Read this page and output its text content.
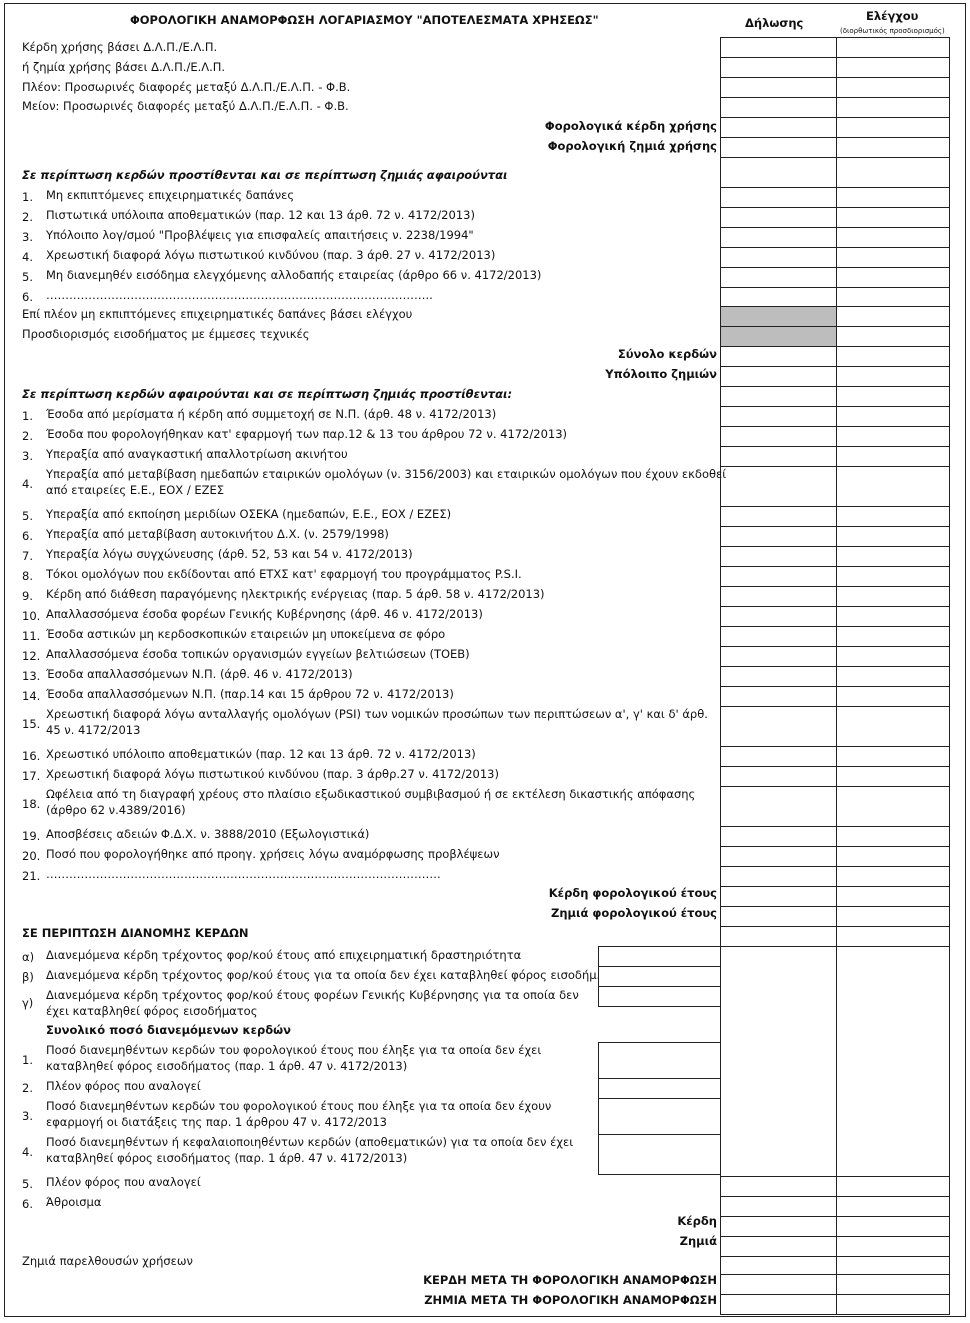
ΦΟΡΟΛΟΓΙΚΗ ΑΝΑΜΟΡΦΩΣΗ ΛΟΓΑΡΙΑΣΜΟΥ "ΑΠΟΤΕΛΕΣΜΑΤΑ ΧΡΗΣΕΩΣ"	Δήλωσης	Ελέγχου
(διορθωτικός προσδιορισμός)
Κέρδη χρήσης βάσει Δ.Λ.Π./Ε.Λ.Π.
ή ζημία χρήσης βάσει Δ.Λ.Π./Ε.Λ.Π.
Πλέον: Προσωρινές διαφορές μεταξύ Δ.Λ.Π./Ε.Λ.Π. - Φ.Β.
Μείον: Προσωρινές διαφορές μεταξύ Δ.Λ.Π./Ε.Λ.Π. - Φ.Β.
Φορολογικά κέρδη χρήσης
Φορολογική ζημιά χρήσης
Σε περίπτωση κερδών προστίθενται και σε περίπτωση ζημιάς αφαιρούνται
1. Μη εκπιπτόμενες επιχειρηματικές δαπάνες
2. Πιστωτικά υπόλοιπα αποθεματικών (παρ. 12 και 13 άρθ. 72 ν. 4172/2013)
3. Υπόλοιπο λογ/σμού "Προβλέψεις για επισφαλείς απαιτήσεις ν. 2238/1994"
4. Χρεωστική διαφορά λόγω πιστωτικού κινδύνου (παρ. 3 άρθ. 27 ν. 4172/2013)
5. Μη διανεμηθέν εισόδημα ελεγχόμενης αλλοδαπής εταιρείας (άρθρο 66 ν. 4172/2013)
6. ………………………………………………………………………………………..
Επί πλέον μη εκπιπτόμενες επιχειρηματικές δαπάνες βάσει ελέγχου
Προσδιορισμός εισοδήματος με έμμεσες τεχνικές
Σύνολο κερδών
Υπόλοιπο ζημιών
Σε περίπτωση κερδών αφαιρούνται και σε περίπτωση ζημιάς προστίθενται:
1. Έσοδα από μερίσματα ή κέρδη από συμμετοχή σε Ν.Π. (άρθ. 48 ν. 4172/2013)
2. Έσοδα που φορολογήθηκαν κατ' εφαρμογή των παρ.12 & 13 του άρθρου 72 ν. 4172/2013)
3. Υπεραξία από αναγκαστική απαλλοτρίωση ακινήτου
4.
Υπεραξία από μεταβίβαση ημεδαπών εταιρικών ομολόγων (ν. 3156/2003) και εταιρικών ομολόγων που έχουν εκδοθεί
από εταιρείες Ε.Ε., ΕΟΧ / ΕΖΕΣ
5. Υπεραξία από εκποίηση μεριδίων ΟΣΕΚΑ (ημεδαπών, Ε.Ε., ΕΟΧ / ΕΖΕΣ)
6. Υπεραξία από μεταβίβαση αυτοκινήτου Δ.Χ. (ν. 2579/1998)
7. Υπεραξία λόγω συγχώνευσης (άρθ. 52, 53 και 54 ν. 4172/2013)
8. Τόκοι ομολόγων που εκδίδονται από ΕΤΧΣ κατ' εφαρμογή του προγράμματος P.S.I.
9. Κέρδη από διάθεση παραγόμενης ηλεκτρικής ενέργειας (παρ. 5 άρθ. 58 ν. 4172/2013)
10. Απαλλασσόμενα έσοδα φορέων Γενικής Κυβέρνησης (άρθ. 46 ν. 4172/2013)
11. Έσοδα αστικών μη κερδοσκοπικών εταιρειών μη υποκείμενα σε φόρο
12. Απαλλασσόμενα έσοδα τοπικών οργανισμών εγγείων βελτιώσεων (ΤΟΕΒ)
13. Έσοδα απαλλασσόμενων Ν.Π. (άρθ. 46 ν. 4172/2013)
14. Έσοδα απαλλασσόμενων Ν.Π. (παρ.14 και 15 άρθρου 72 ν. 4172/2013)
15.
Χρεωστική διαφορά λόγω ανταλλαγής ομολόγων (PSI) των νομικών προσώπων των περιπτώσεων α', γ' και δ' άρθ.
45 ν. 4172/2013
16. Χρεωστικό υπόλοιπο αποθεματικών (παρ. 12 και 13 άρθ. 72 ν. 4172/2013)
17. Χρεωστική διαφορά λόγω πιστωτικού κινδύνου (παρ. 3 άρθρ.27 ν. 4172/2013)
18.
Ωφέλεια από τη διαγραφή χρέους στο πλαίσιο εξωδικαστικού συμβιβασμού ή σε εκτέλεση δικαστικής απόφασης
(άρθρο 62 ν.4389/2016)
19. Αποσβέσεις αδειών Φ.Δ.Χ. ν. 3888/2010 (Εξωλογιστικά)
20. Ποσό που φορολογήθηκε από προηγ. χρήσεις λόγω αναμόρφωσης προβλέψεων
21. ………………………………………………………………………………………….
Κέρδη φορολογικού έτους
Ζημιά φορολογικού έτους
ΣΕ ΠΕΡΙΠΤΩΣΗ ΔΙΑΝΟΜΗΣ ΚΕΡΔΩΝ
α) Διανεμόμενα κέρδη τρέχοντος φορ/κού έτους από επιχειρηματική δραστηριότητα
β) Διανεμόμενα κέρδη τρέχοντος φορ/κού έτους για τα οποία δεν έχει καταβληθεί φόρος εισοδήμ.
γ)
Διανεμόμενα κέρδη τρέχοντος φορ/κού έτους φορέων Γενικής Κυβέρνησης για τα οποία δεν
έχει καταβληθεί φόρος εισοδήματος
1.
Ποσό διανεμηθέντων κερδών του φορολογικού έτους που έληξε για τα οποία δεν έχει
καταβληθεί φόρος εισοδήματος (παρ. 1 άρθ. 47 ν. 4172/2013)
2. Πλέον φόρος που αναλογεί
3.
Ποσό διανεμηθέντων κερδών του φορολογικού έτους που έληξε για τα οποία δεν έχουν
εφαρμογή οι διατάξεις της παρ. 1 άρθρου 47 ν. 4172/2013
4.
Ποσό διανεμηθέντων ή κεφαλαιοποιηθέντων κερδών (αποθεματικών) για τα οποία δεν έχει
καταβληθεί φόρος εισοδήματος (παρ. 1 άρθ. 47 ν. 4172/2013)
5. Πλέον φόρος που αναλογεί
6. Άθροισμα
Συνολικό ποσό διανεμόμενων κερδών
Κέρδη
Ζημιά
Ζημιά παρελθουσών χρήσεων
ΚΕΡΔΗ ΜΕΤΑ ΤΗ ΦΟΡΟΛΟΓΙΚΗ ΑΝΑΜΟΡΦΩΣΗ
ΖΗΜΙΑ ΜΕΤΑ ΤΗ ΦΟΡΟΛΟΓΙΚΗ ΑΝΑΜΟΡΦΩΣΗ
